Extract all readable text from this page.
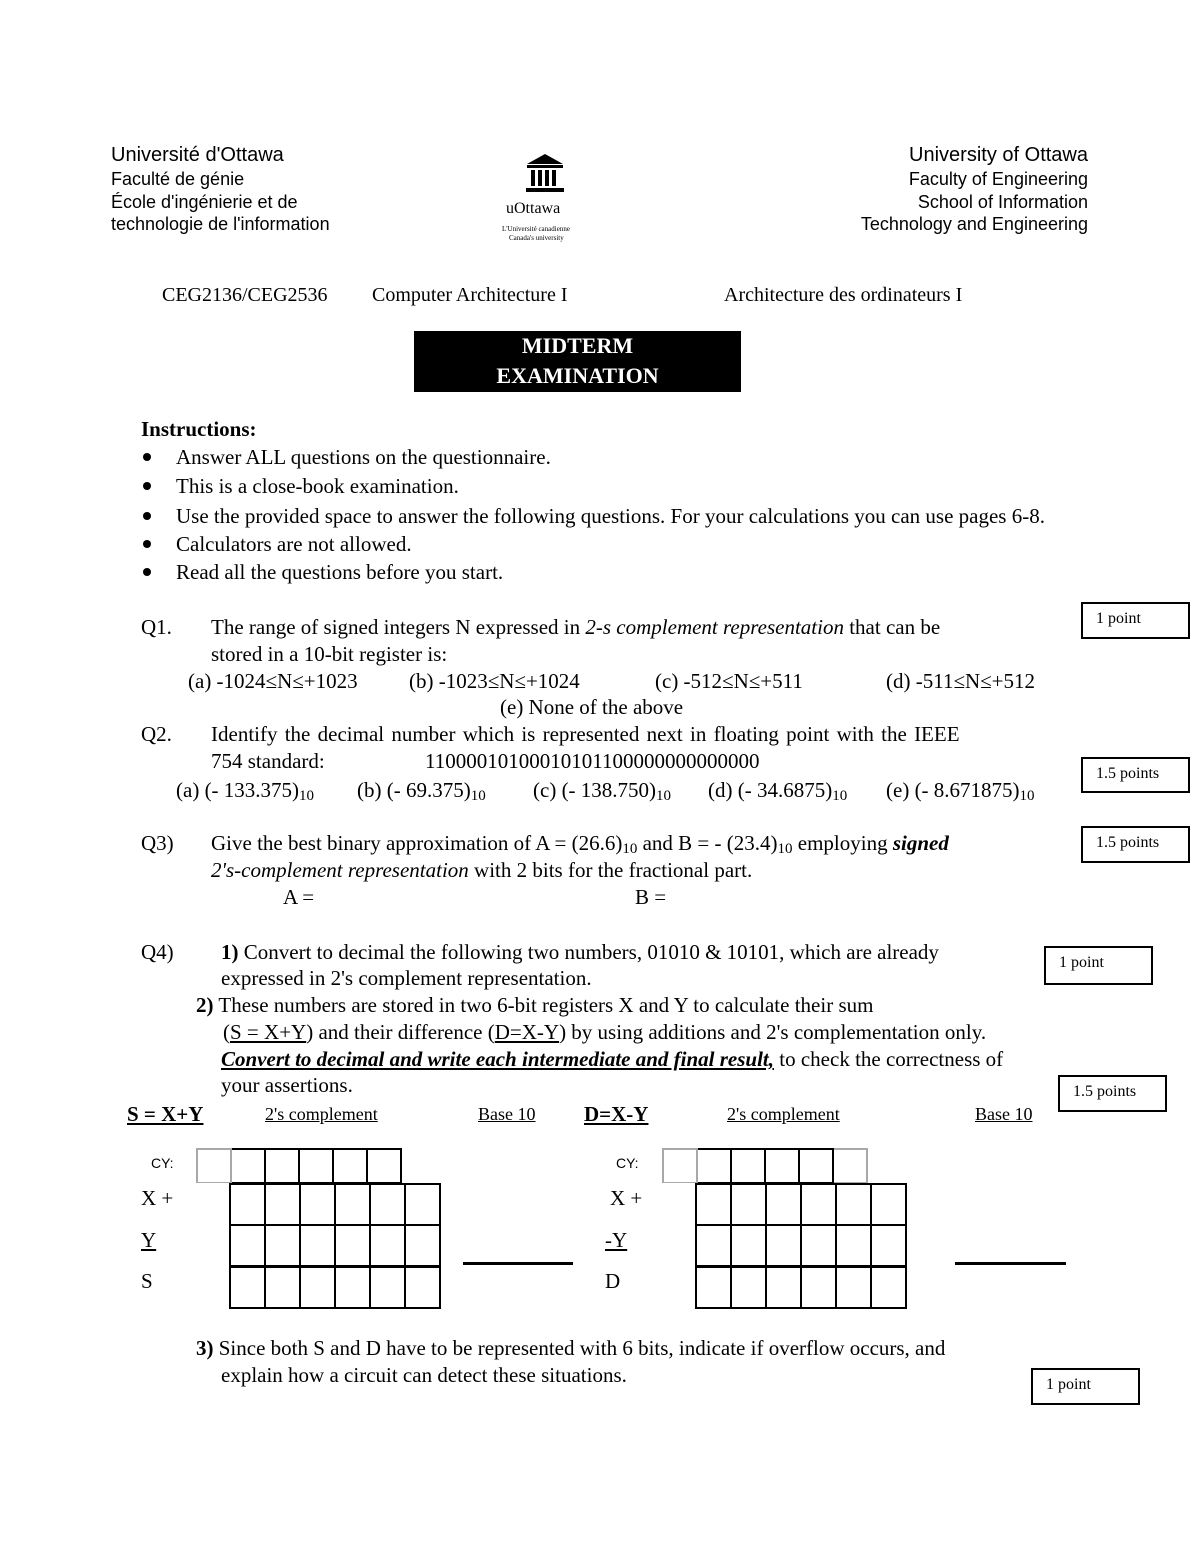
Université d'Ottawa
Faculté de génie
École d'ingénierie et de
technologie de l'information
University of Ottawa
Faculty of Engineering
School of Information
Technology and Engineering
uOttawa
L'Université canadienne
Canada's university
CEG2136/CEG2536 Computer Architecture I	Architecture des ordinateurs I
MIDTERM
EXAMINATION
Instructions:
Answer ALL questions on the questionnaire.
This is a close-book examination.
Use the provided space to answer the following questions. For your calculations you can use pages 6-8.
Calculators are not allowed.
Read all the questions before you start.
Q1. The range of signed integers N expressed in 2-s complement representation that can be
stored in a 10-bit register is:
(a) -1024≤N≤+1023 (b) -1023≤N≤+1024	(c) -512≤N≤+511	(d) -511≤N≤+512
(e) None of the above
1 point
Q2. Identify the decimal number which is represented next in floating point with the IEEE
754 standard:	11000010100010101100000000000000
(a) (- $133.375)_{10}$ (b) (- $69.375)_{10}$ (c) (- $138.750)_{10}$ (d) (- $34.6875)_{10}$ (e) (- $8.671875)_{10}$
1.5 points
Q3) Give the best binary approximation of $A = (26.6)_{10}$ and B = - $(23.4)_{10}$ employing signed
2's-complement representation with 2 bits for the fractional part.
A =	B =
1.5 points
Q4) 1) Convert to decimal the following two numbers, 01010 & 10101, which are already
expressed in 2's complement representation.
1 point
2) These numbers are stored in two 6-bit registers X and Y to calculate their sum
(S = X+Y) and their difference (D=X-Y) by using additions and 2's complementation only.
Convert to decimal and write each intermediate and final result, to check the correctness of
your assertions.	1.5 points
S = X+Y	2's complement	Base 10 D=X-Y	2's complement	Base 10
CY:

X +
Y
S

CY:

X +
-Y
D

3) Since both S and D have to be represented with 6 bits, indicate if overflow occurs, and
explain how a circuit can detect these situations.	1 point
